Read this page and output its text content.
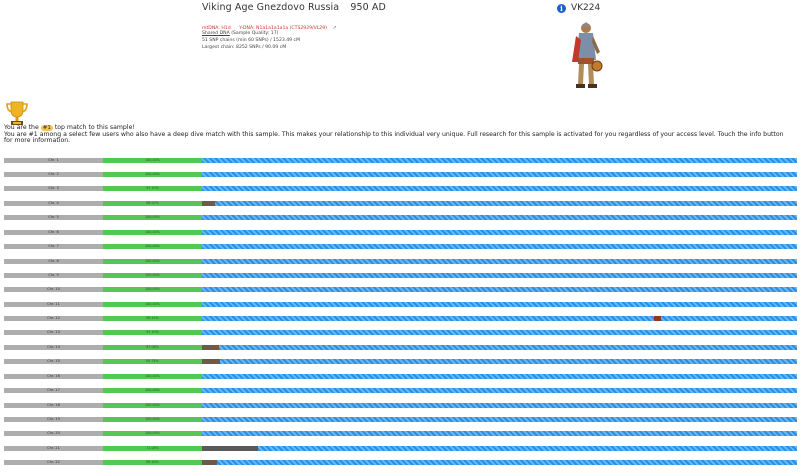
Viking Age Gnezdovo Russia 950 AD	i VK224
mtDNA: H1d Y-DNA: N1a1a1a1a1a (CTS2929/VL29) ↗
Shared DNA (Sample Quality: 17)
51 SNP chains (min 60 SNPs) / 1523.49 cM
Largest chain: 8252 SNPs / 90.09 cM
You are the #1 top match to this sample!
You are #1 among a select few users who also have a deep dive match with this sample. This makes your relationship to this individual very unique. Full research for this sample is activated for you regardless of your access level. Touch the info button for more information.
Chr. 1	100.00%
Chr. 2	100.00%
Chr. 3	97.43%
Chr. 4	88.02%
Chr. 5	100.00%
Chr. 6	100.00%
Chr. 7	100.00%
Chr. 8	100.00%
Chr. 9	100.00%
Chr. 10	100.00%
Chr. 11	100.00%
Chr. 12	99.14%
Chr. 13	97.43%
Chr. 14	87.08%
Chr. 15	84.74%
Chr. 16	100.00%
Chr. 17	100.00%
Chr. 18	100.00%
Chr. 19	100.00%
Chr. 20	100.00%
Chr. 21	71.08%
Chr. 22	89.40%
